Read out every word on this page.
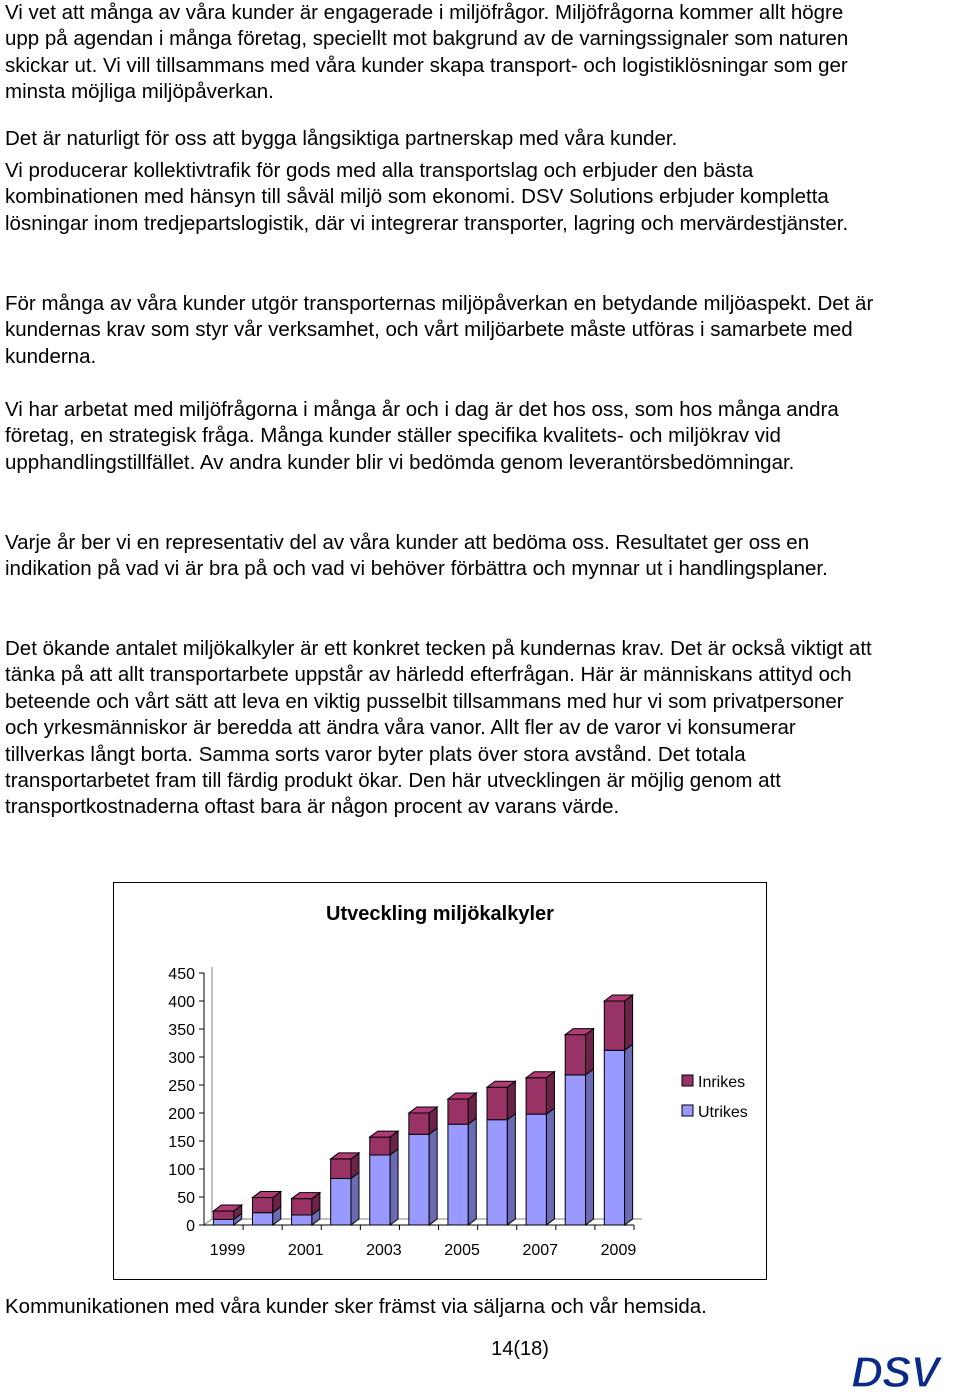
Vi vet att många av våra kunder är engagerade i miljöfrågor. Miljöfrågorna kommer allt högre upp på agendan i många företag, speciellt mot bakgrund av de varningssignaler som naturen skickar ut. Vi vill tillsammans med våra kunder skapa transport- och logistiklösningar som ger minsta möjliga miljöpåverkan.

Det är naturligt för oss att bygga långsiktiga partnerskap med våra kunder.

Vi producerar kollektivtrafik för gods med alla transportslag och erbjuder den bästa kombinationen med hänsyn till såväl miljö som ekonomi. DSV Solutions erbjuder kompletta lösningar inom tredjepartslogistik, där vi integrerar transporter, lagring och mervärdestjänster.

För många av våra kunder utgör transporternas miljöpåverkan en betydande miljöaspekt. Det är kundernas krav som styr vår verksamhet, och vårt miljöarbete måste utföras i samarbete med kunderna.

Vi har arbetat med miljöfrågorna i många år och i dag är det hos oss, som hos många andra företag, en strategisk fråga. Många kunder ställer specifika kvalitets- och miljökrav vid upphandlingstillfället. Av andra kunder blir vi bedömda genom leverantörsbedömningar.

Varje år ber vi en representativ del av våra kunder att bedöma oss. Resultatet ger oss en indikation på vad vi är bra på och vad vi behöver förbättra och mynnar ut i handlingsplaner.

Det ökande antalet miljökalkyler är ett konkret tecken på kundernas krav. Det är också viktigt att tänka på att allt transportarbete uppstår av härledd efterfrågan. Här är människans attityd och beteende och vårt sätt att leva en viktig pusselbit tillsammans med hur vi som privatpersoner och yrkesmänniskor är beredda att ändra våra vanor. Allt fler av de varor vi konsumerar tillverkas långt borta. Samma sorts varor byter plats över stora avstånd. Det totala transportarbetet fram till färdig produkt ökar. Den här utvecklingen är möjlig genom att transportkostnaderna oftast bara är någon procent av varans värde.

Kommunikationen med våra kunder sker främst via säljarna och vår hemsida.

Utveckling miljökalkyler
0
50
100
150
200
250
300
350
400
450
1999	2001	2003	2005	2007	2009
Inrikes
Utrikes
14(18)	DSV
